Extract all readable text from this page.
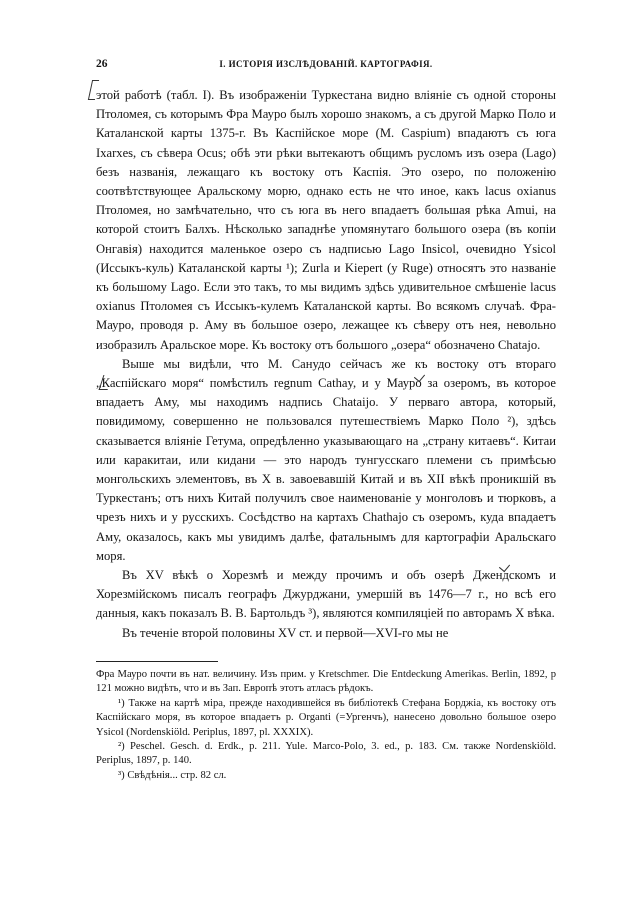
26	I. ИСТОРІЯ ИЗСЛѢДОВАНІЙ. КАРТОГРАФІЯ.

этой работѣ (табл. I). Въ изображеніи Туркестана видно вліяніе съ одной стороны Птоломея, съ которымъ Фра Мауро былъ хорошо знакомъ, а съ другой Марко Поло и Каталанской карты 1375-г. Въ Каспійское море (М. Caspium) впадаютъ съ юга Ixarxes, съ сѣвера Ocus; обѣ эти рѣки вытекаютъ общимъ русломъ изъ озера (Lago) безъ названія, лежащаго къ востоку отъ Каспія. Это озеро, по положенію соотвѣтствующее Аральскому морю, однако есть не что иное, какъ lacus oxianus Птоломея, но замѣчательно, что съ юга въ него впадаетъ большая рѣка Amui, на которой стоитъ Балхъ. Нѣсколько западнѣе упомянутаго большого озера (въ копіи Онгавія) находится маленькое озеро съ надписью Lago Insicol, очевидно Ysicol (Иссыкъ-куль) Каталанской карты ¹); Zurla и Kiepert (у Ruge) относятъ это названіе къ большому Lago. Если это такъ, то мы видимъ здѣсь удивительное смѣшеніе lacus oxianus Птоломея съ Иссыкъ-кулемъ Каталанской карты. Во всякомъ случаѣ. Фра-Мауро, проводя р. Аму въ большое озеро, лежащее къ сѣверу отъ нея, невольно изобразилъ Аральское море. Къ востоку отъ большого „озера“ обозначено Chatajo.

Выше мы видѣли, что М. Санудо сейчасъ же къ востоку отъ втораго „Каспійскаго моря“ помѣстилъ regnum Cathay, и у Мауро за озеромъ, въ которое впадаетъ Аму, мы находимъ надпись Chataijo. У перваго автора, который, повидимому, совершенно не пользовался путешествіемъ Марко Поло ²), здѣсь сказывается вліяніе Гетума, опредѣленно указывающаго на „страну китаевъ“. Китаи или каракитаи, или кидани — это народъ тунгусскаго племени съ примѣсью монгольскихъ элементовъ, въ X в. завоевавшій Китай и въ XII вѣкѣ проникшій въ Туркестанъ; отъ нихъ Китай получилъ свое наименованіе у монголовъ и тюрковъ, а чрезъ нихъ и у русскихъ. Сосѣдство на картахъ Chathajo съ озеромъ, куда впадаетъ Аму, оказалось, какъ мы увидимъ далѣе, фатальнымъ для картографіи Аральскаго моря.

Въ XV вѣкѣ о Хорезмѣ и между прочимъ и объ озерѣ Джендскомъ и Хорезмійскомъ писалъ географъ Джурджани, умершій въ 1476—7 г., но всѣ его данныя, какъ показалъ В. В. Бартольдъ ³), являются компиляціей по авторамъ X вѣка.

Въ теченіе второй половины XV ст. и первой—XVI-го мы не

Фра Мауро почти въ нат. величину. Изъ прим. у Kretschmer. Die Entdeckung Amerikas. Berlin, 1892, p 121 можно видѣть, что и въ Зап. Европѣ этотъ атласъ рѣдокъ.

¹) Также на картѣ міра, прежде находившейся въ библіотекѣ Стефана Борджіа, къ востоку отъ Каспійскаго моря, въ которое впадаетъ р. Organti (=Ургенчъ), нанесено довольно большое озеро Ysicol (Nordenskiöld. Periplus, 1897, pl. XXXIX).

²) Peschel. Gesch. d. Erdk., p. 211. Yule. Marco-Polo, 3. ed., p. 183. См. также Nordenskiöld. Periplus, 1897, p. 140.

³) Свѣдѣнія... стр. 82 сл.
